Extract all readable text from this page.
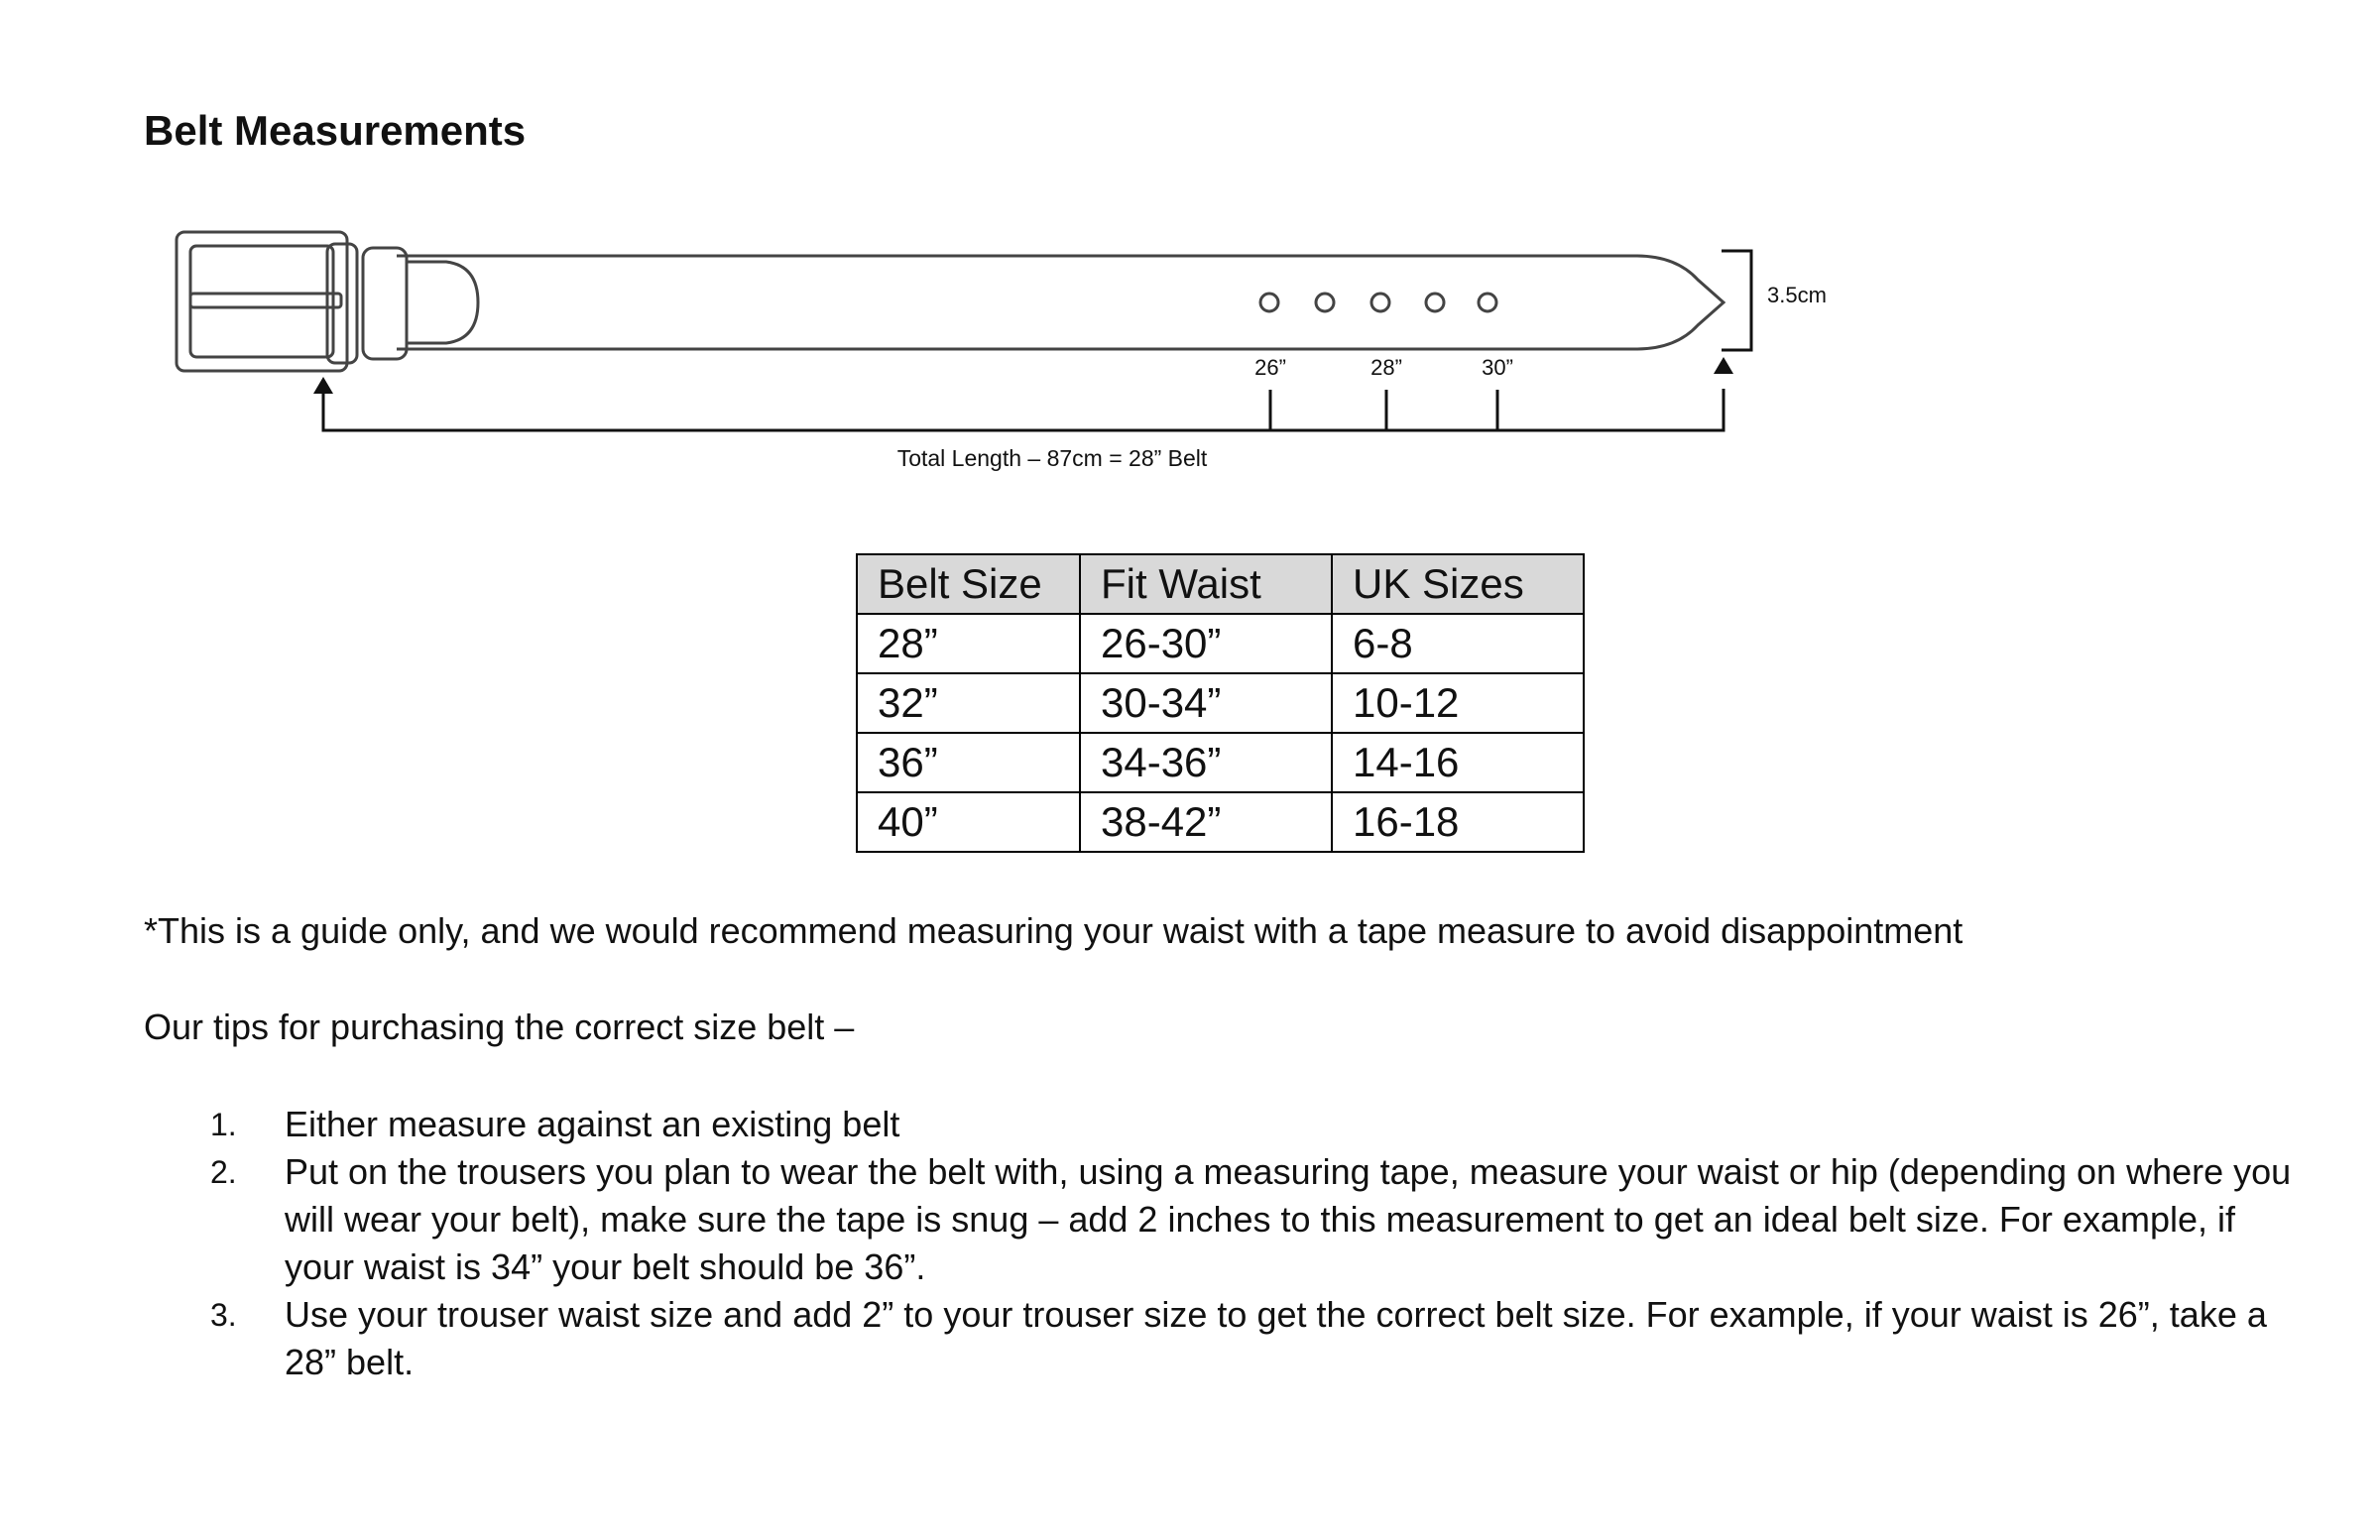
Belt Measurements
3.5cm
26”	28”	30”
Total Length – 87cm = 28” Belt
Belt Size	Fit Waist	UK Sizes
28”	26-30”	6-8
32”	30-34”	10-12
36”	34-36”	14-16
40”	38-42”	16-18

*This is a guide only, and we would recommend measuring your waist with a tape measure to avoid disappointment

Our tips for purchasing the correct size belt –

1. Either measure against an existing belt
2. Put on the trousers you plan to wear the belt with, using a measuring tape, measure your waist or hip (depending on where you will wear your belt), make sure the tape is snug – add 2 inches to this measurement to get an ideal belt size. For example, if your waist is 34” your belt should be 36”.
3. Use your trouser waist size and add 2” to your trouser size to get the correct belt size. For example, if your waist is 26”, take a 28” belt.
